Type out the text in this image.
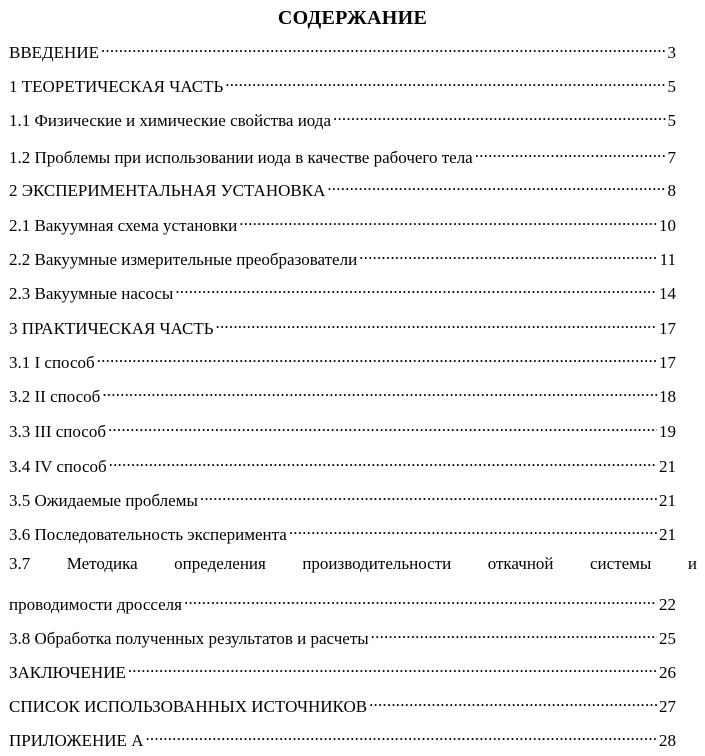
СОДЕРЖАНИЕ
ВВЕДЕНИЕ .....	3
1 ТЕОРЕТИЧЕСКАЯ ЧАСТЬ .....	5
1.1 Физические и химические свойства иода .....	5
1.2 Проблемы при использовании иода в качестве рабочего тела .....	7
2 ЭКСПЕРИМЕНТАЛЬНАЯ УСТАНОВКА .....	8
2.1 Вакуумная схема установки .....	10
2.2 Вакуумные измерительные преобразователи .....	11
2.3 Вакуумные насосы .....	14
3 ПРАКТИЧЕСКАЯ ЧАСТЬ .....	17
3.1 I способ .....	17
3.2 II способ .....	18
3.3 III способ .....	19
3.4 IV способ .....	21
3.5 Ожидаемые проблемы .....	21
3.6 Последовательность эксперимента .....	21
3.7 Методика определения производительности откачной системы и
проводимости дросселя .....	22
3.8 Обработка полученных результатов и расчеты .....	25
ЗАКЛЮЧЕНИЕ .....	26
СПИСОК ИСПОЛЬЗОВАННЫХ ИСТОЧНИКОВ .....	27
ПРИЛОЖЕНИЕ А .....	28
